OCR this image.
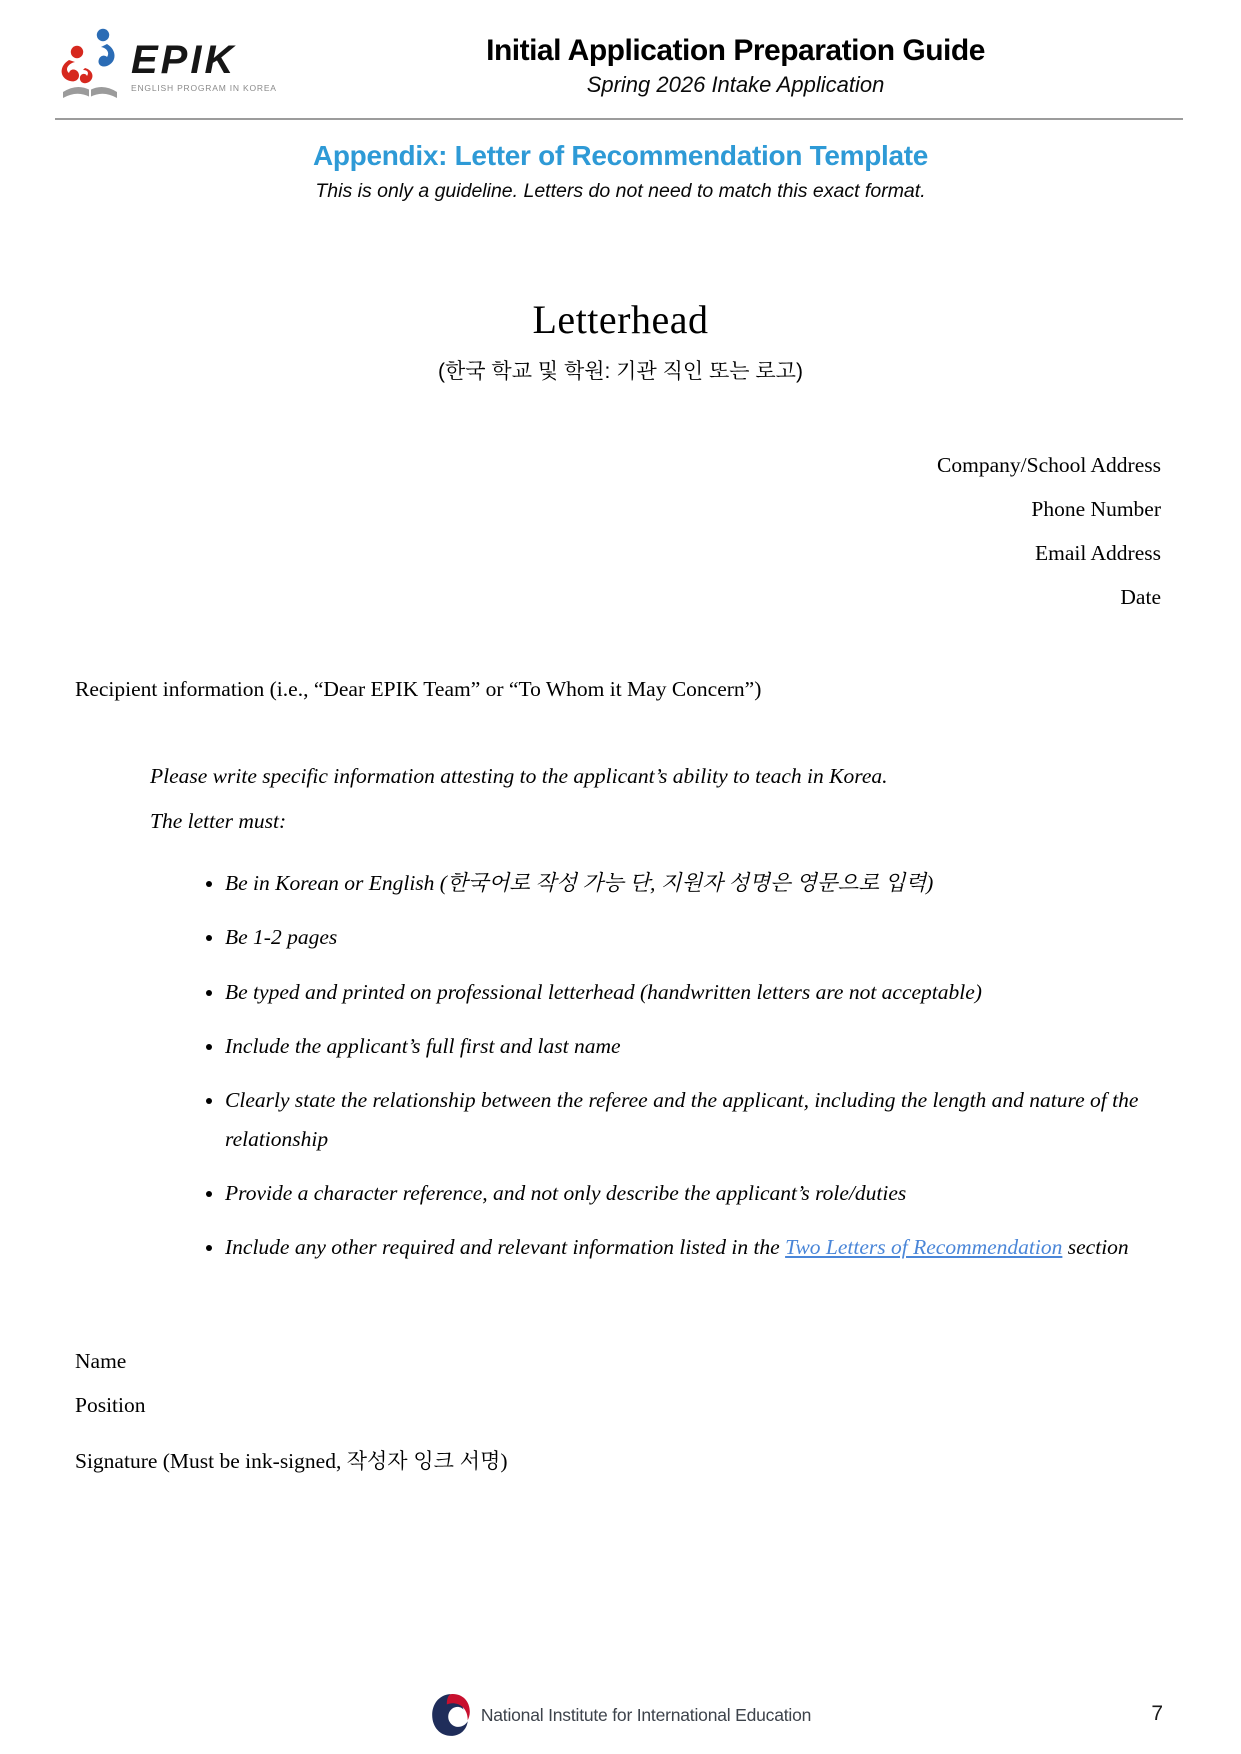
EPIK
ENGLISH PROGRAM IN KOREA
Initial Application Preparation Guide
Spring 2026 Intake Application
Appendix: Letter of Recommendation Template
This is only a guideline. Letters do not need to match this exact format.
Letterhead
(한국 학교 및 학원: 기관 직인 또는 로고)
Company/School Address
Phone Number
Email Address
Date
Recipient information (i.e., “Dear EPIK Team” or “To Whom it May Concern”)
Please write specific information attesting to the applicant’s ability to teach in Korea.
The letter must:
• Be in Korean or English (한국어로 작성 가능 단, 지원자 성명은 영문으로 입력)
• Be 1-2 pages
• Be typed and printed on professional letterhead (handwritten letters are not acceptable)
• Include the applicant’s full first and last name
• Clearly state the relationship between the referee and the applicant, including the length and nature of the relationship
• Provide a character reference, and not only describe the applicant’s role/duties
• Include any other required and relevant information listed in the Two Letters of Recommendation section
Name
Position
Signature (Must be ink-signed, 작성자 잉크 서명)
National Institute for International Education	7
